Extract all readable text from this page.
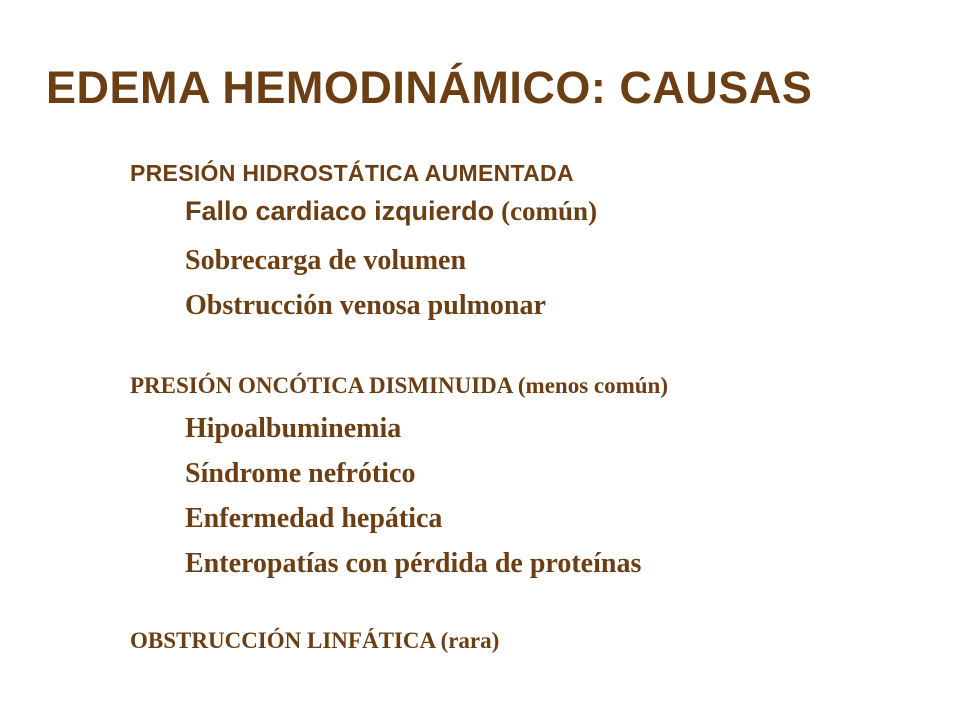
EDEMA HEMODINÁMICO: CAUSAS
PRESIÓN HIDROSTÁTICA AUMENTADA
Fallo cardiaco izquierdo (común)
Sobrecarga de volumen
Obstrucción venosa pulmonar
PRESIÓN ONCÓTICA DISMINUIDA (menos común)
Hipoalbuminemia
Síndrome nefrótico
Enfermedad hepática
Enteropatías con pérdida de proteínas
OBSTRUCCIÓN LINFÁTICA (rara)
